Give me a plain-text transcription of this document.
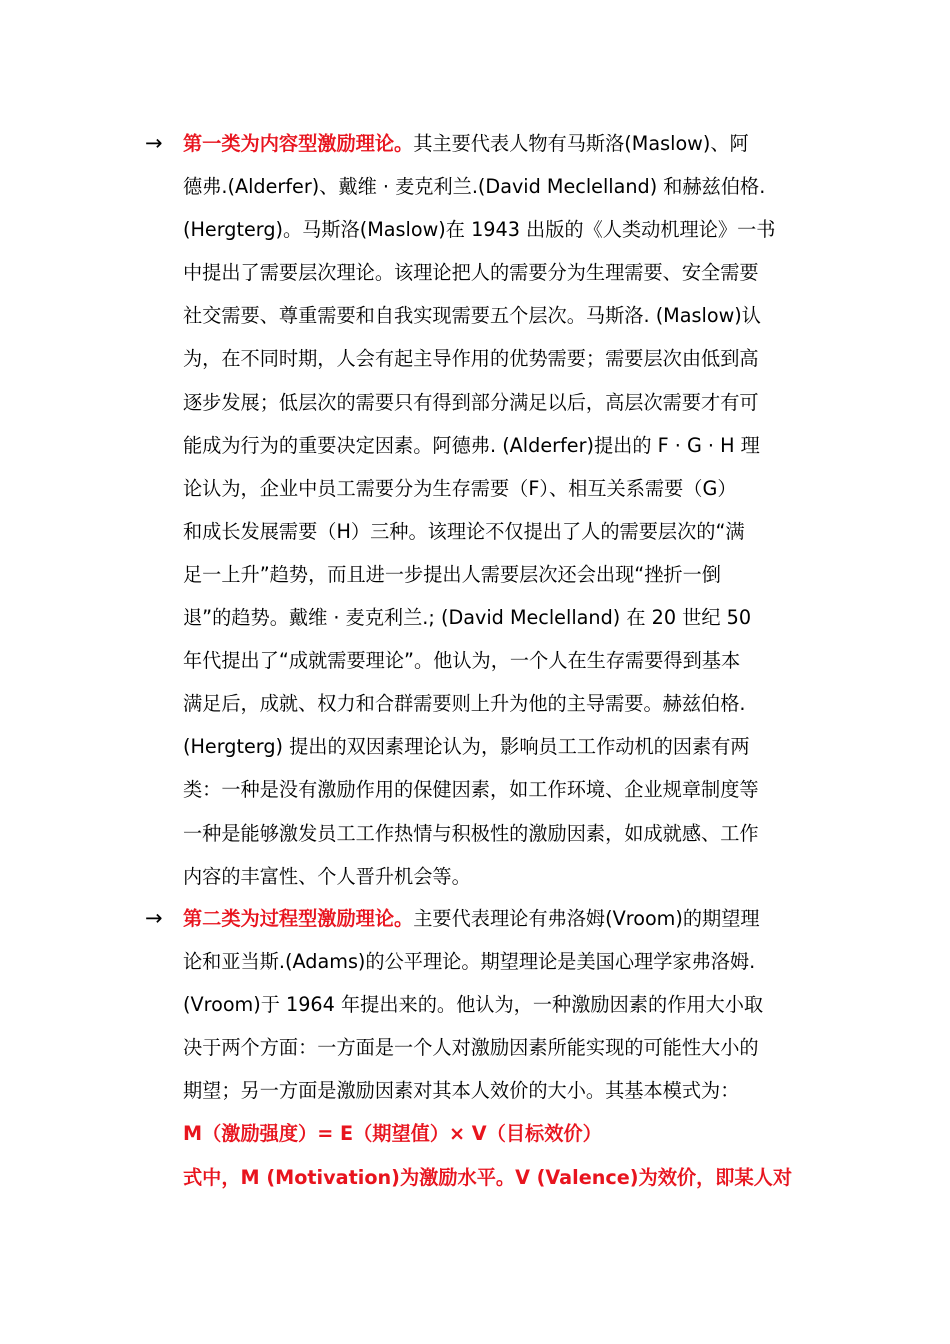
→	第一类为内容型激励理论。其主要代表人物有马斯洛(Maslow)、阿
德弗.(Alderfer)、戴维 · 麦克利兰.(David Meclelland) 和赫兹伯格.
(Hergterg)。马斯洛(Maslow)在 1943 出版的《人类动机理论》一书
中提出了需要层次理论。该理论把人的需要分为生理需要、安全需要
社交需要、尊重需要和自我实现需要五个层次。马斯洛. (Maslow)认
为，在不同时期，人会有起主导作用的优势需要；需要层次由低到高
逐步发展；低层次的需要只有得到部分满足以后，高层次需要才有可
能成为行为的重要决定因素。阿德弗. (Alderfer)提出的 F · G · H 理
论认为，企业中员工需要分为生存需要（F）、相互关系需要（G）
和成长发展需要（H）三种。该理论不仅提出了人的需要层次的“满
足一上升”趋势，而且进一步提出人需要层次还会出现“挫折一倒
退”的趋势。戴维 · 麦克利兰.; (David Meclelland) 在 20 世纪 50
年代提出了“成就需要理论”。他认为，一个人在生存需要得到基本
满足后，成就、权力和合群需要则上升为他的主导需要。赫兹伯格.
(Hergterg) 提出的双因素理论认为，影响员工工作动机的因素有两
类：一种是没有激励作用的保健因素，如工作环境、企业规章制度等
一种是能够激发员工工作热情与积极性的激励因素，如成就感、工作
内容的丰富性、个人晋升机会等。
→	第二类为过程型激励理论。主要代表理论有弗洛姆(Vroom)的期望理
论和亚当斯.(Adams)的公平理论。期望理论是美国心理学家弗洛姆.
(Vroom)于 1964 年提出来的。他认为，一种激励因素的作用大小取
决于两个方面：一方面是一个人对激励因素所能实现的可能性大小的
期望；另一方面是激励因素对其本人效价的大小。其基本模式为：
M（激励强度）= E（期望值）× V（目标效价）
式中，M (Motivation)为激励水平。V (Valence)为效价，即某人对
